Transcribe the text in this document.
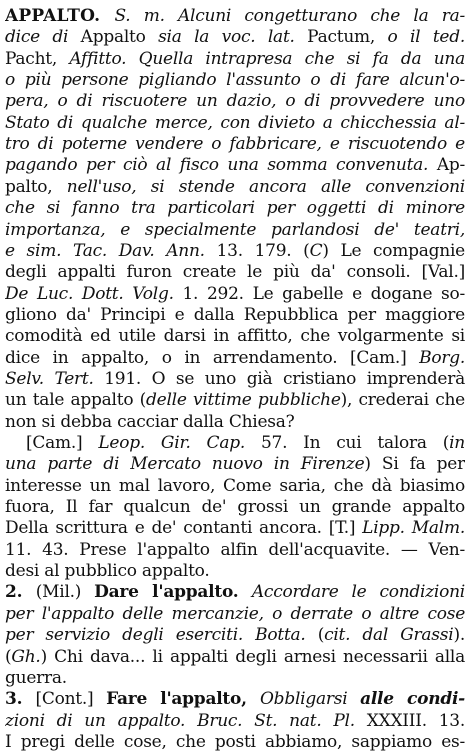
APPALTO. S. m. Alcuni congetturano che la ra-
dice di Appalto sia la voc. lat. Pactum, o il ted.
Pacht, Affitto. Quella intrapresa che si fa da una
o più persone pigliando l'assunto o di fare alcun'o-
pera, o di riscuotere un dazio, o di provvedere uno
Stato di qualche merce, con divieto a chicchessia al-
tro di poterne vendere o fabbricare, e riscuotendo e
pagando per ciò al fisco una somma convenuta. Ap-
palto, nell'uso, si stende ancora alle convenzioni
che si fanno tra particolari per oggetti di minore
importanza, e specialmente parlandosi de' teatri,
e sim. Tac. Dav. Ann. 13. 179. (C) Le compagnie
degli appalti furon create le più da' consoli. [Val.]
De Luc. Dott. Volg. 1. 292. Le gabelle e dogane so-
gliono da' Principi e dalla Repubblica per maggiore
comodità ed utile darsi in affitto, che volgarmente si
dice in appalto, o in arrendamento. [Cam.] Borg.
Selv. Tert. 191. O se uno già cristiano imprenderà
un tale appalto (delle vittime pubbliche), crederai che
non si debba cacciar dalla Chiesa?
[Cam.] Leop. Gir. Cap. 57. In cui talora (in
una parte di Mercato nuovo in Firenze) Si fa per
interesse un mal lavoro, Come saria, che dà biasimo
fuora, Il far qualcun de' grossi un grande appalto
Della scrittura e de' contanti ancora. [T.] Lipp. Malm.
11. 43. Prese l'appalto alfin dell'acquavite. — Ven-
desi al pubblico appalto.
2. (Mil.) Dare l'appalto. Accordare le condizioni
per l'appalto delle mercanzie, o derrate o altre cose
per servizio degli eserciti. Botta. (cit. dal Grassi).
(Gh.) Chi dava... li appalti degli arnesi necessarii alla
guerra.
3. [Cont.] Fare l'appalto, Obbligarsi alle condi-
zioni di un appalto. Bruc. St. nat. Pl. XXXIII. 13.
I pregi delle cose, che posti abbiamo, sappiamo es-
